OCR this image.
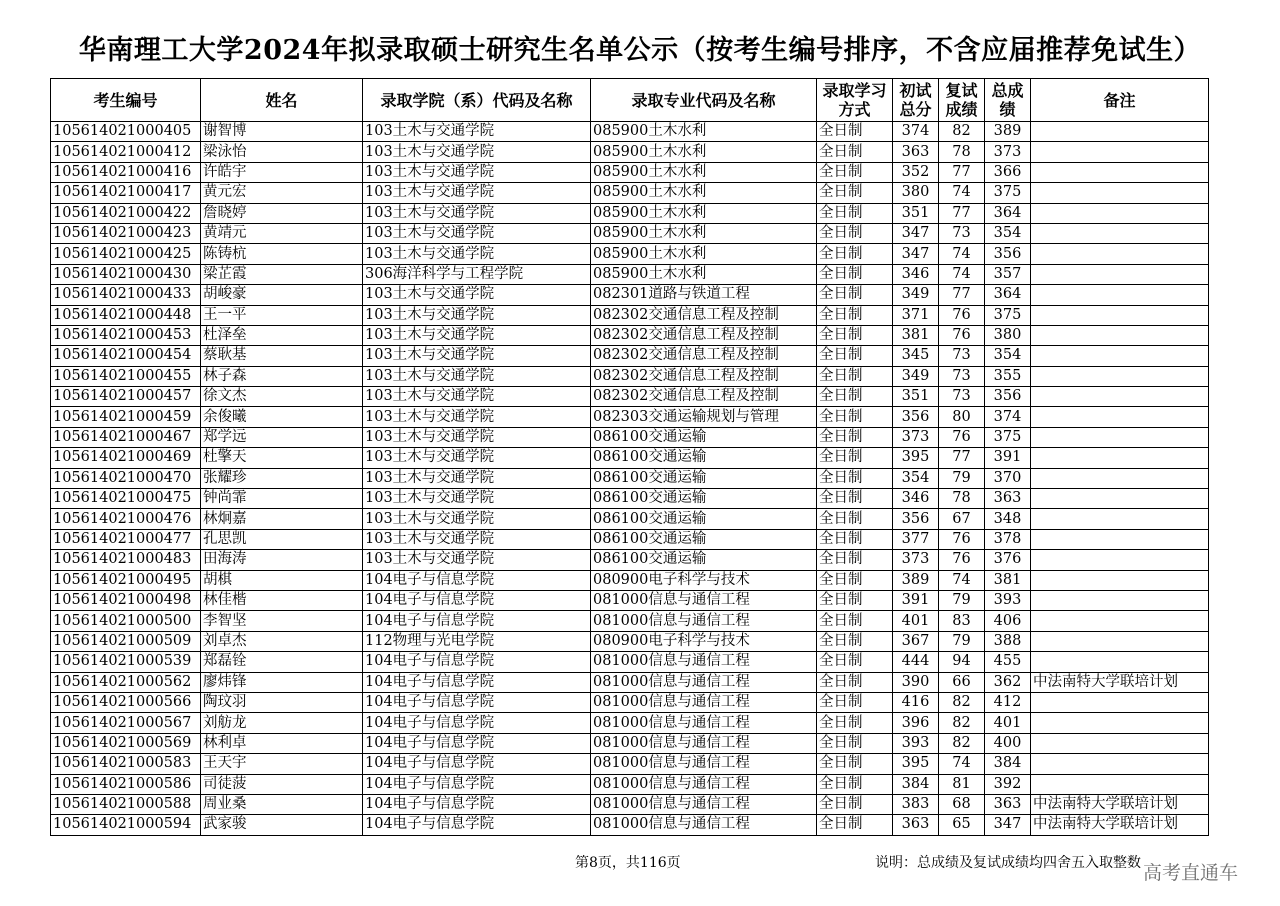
华南理工大学2024年拟录取硕士研究生名单公示（按考生编号排序，不含应届推荐免试生）
考生编号	姓名	录取学院（系）代码及名称	录取专业代码及名称	录取学习方式	初试总分	复试成绩	总成绩	备注
105614021000405	谢智博	103土木与交通学院	085900土木水利	全日制	374	82	389	
105614021000412	梁泳怡	103土木与交通学院	085900土木水利	全日制	363	78	373	
105614021000416	许皓宇	103土木与交通学院	085900土木水利	全日制	352	77	366	
105614021000417	黄元宏	103土木与交通学院	085900土木水利	全日制	380	74	375	
105614021000422	詹晓婷	103土木与交通学院	085900土木水利	全日制	351	77	364	
105614021000423	黄靖元	103土木与交通学院	085900土木水利	全日制	347	73	354	
105614021000425	陈铸杭	103土木与交通学院	085900土木水利	全日制	347	74	356	
105614021000430	梁芷霞	306海洋科学与工程学院	085900土木水利	全日制	346	74	357	
105614021000433	胡峻豪	103土木与交通学院	082301道路与铁道工程	全日制	349	77	364	
105614021000448	王一平	103土木与交通学院	082302交通信息工程及控制	全日制	371	76	375	
105614021000453	杜泽垒	103土木与交通学院	082302交通信息工程及控制	全日制	381	76	380	
105614021000454	蔡耿基	103土木与交通学院	082302交通信息工程及控制	全日制	345	73	354	
105614021000455	林子森	103土木与交通学院	082302交通信息工程及控制	全日制	349	73	355	
105614021000457	徐文杰	103土木与交通学院	082302交通信息工程及控制	全日制	351	73	356	
105614021000459	余俊曦	103土木与交通学院	082303交通运输规划与管理	全日制	356	80	374	
105614021000467	郑学远	103土木与交通学院	086100交通运输	全日制	373	76	375	
105614021000469	杜擎天	103土木与交通学院	086100交通运输	全日制	395	77	391	
105614021000470	张耀珍	103土木与交通学院	086100交通运输	全日制	354	79	370	
105614021000475	钟尚霏	103土木与交通学院	086100交通运输	全日制	346	78	363	
105614021000476	林炯嘉	103土木与交通学院	086100交通运输	全日制	356	67	348	
105614021000477	孔思凯	103土木与交通学院	086100交通运输	全日制	377	76	378	
105614021000483	田海涛	103土木与交通学院	086100交通运输	全日制	373	76	376	
105614021000495	胡棋	104电子与信息学院	080900电子科学与技术	全日制	389	74	381	
105614021000498	林佳楷	104电子与信息学院	081000信息与通信工程	全日制	391	79	393	
105614021000500	李智坚	104电子与信息学院	081000信息与通信工程	全日制	401	83	406	
105614021000509	刘卓杰	112物理与光电学院	080900电子科学与技术	全日制	367	79	388	
105614021000539	郑磊铨	104电子与信息学院	081000信息与通信工程	全日制	444	94	455	
105614021000562	廖炜锋	104电子与信息学院	081000信息与通信工程	全日制	390	66	362	中法南特大学联培计划
105614021000566	陶玟羽	104电子与信息学院	081000信息与通信工程	全日制	416	82	412	
105614021000567	刘舫龙	104电子与信息学院	081000信息与通信工程	全日制	396	82	401	
105614021000569	林利卓	104电子与信息学院	081000信息与通信工程	全日制	393	82	400	
105614021000583	王天宇	104电子与信息学院	081000信息与通信工程	全日制	395	74	384	
105614021000586	司徒菠	104电子与信息学院	081000信息与通信工程	全日制	384	81	392	
105614021000588	周业桑	104电子与信息学院	081000信息与通信工程	全日制	383	68	363	中法南特大学联培计划
105614021000594	武家骏	104电子与信息学院	081000信息与通信工程	全日制	363	65	347	中法南特大学联培计划
第8页，共116页	说明：总成绩及复试成绩均四舍五入取整数 高考直通车
